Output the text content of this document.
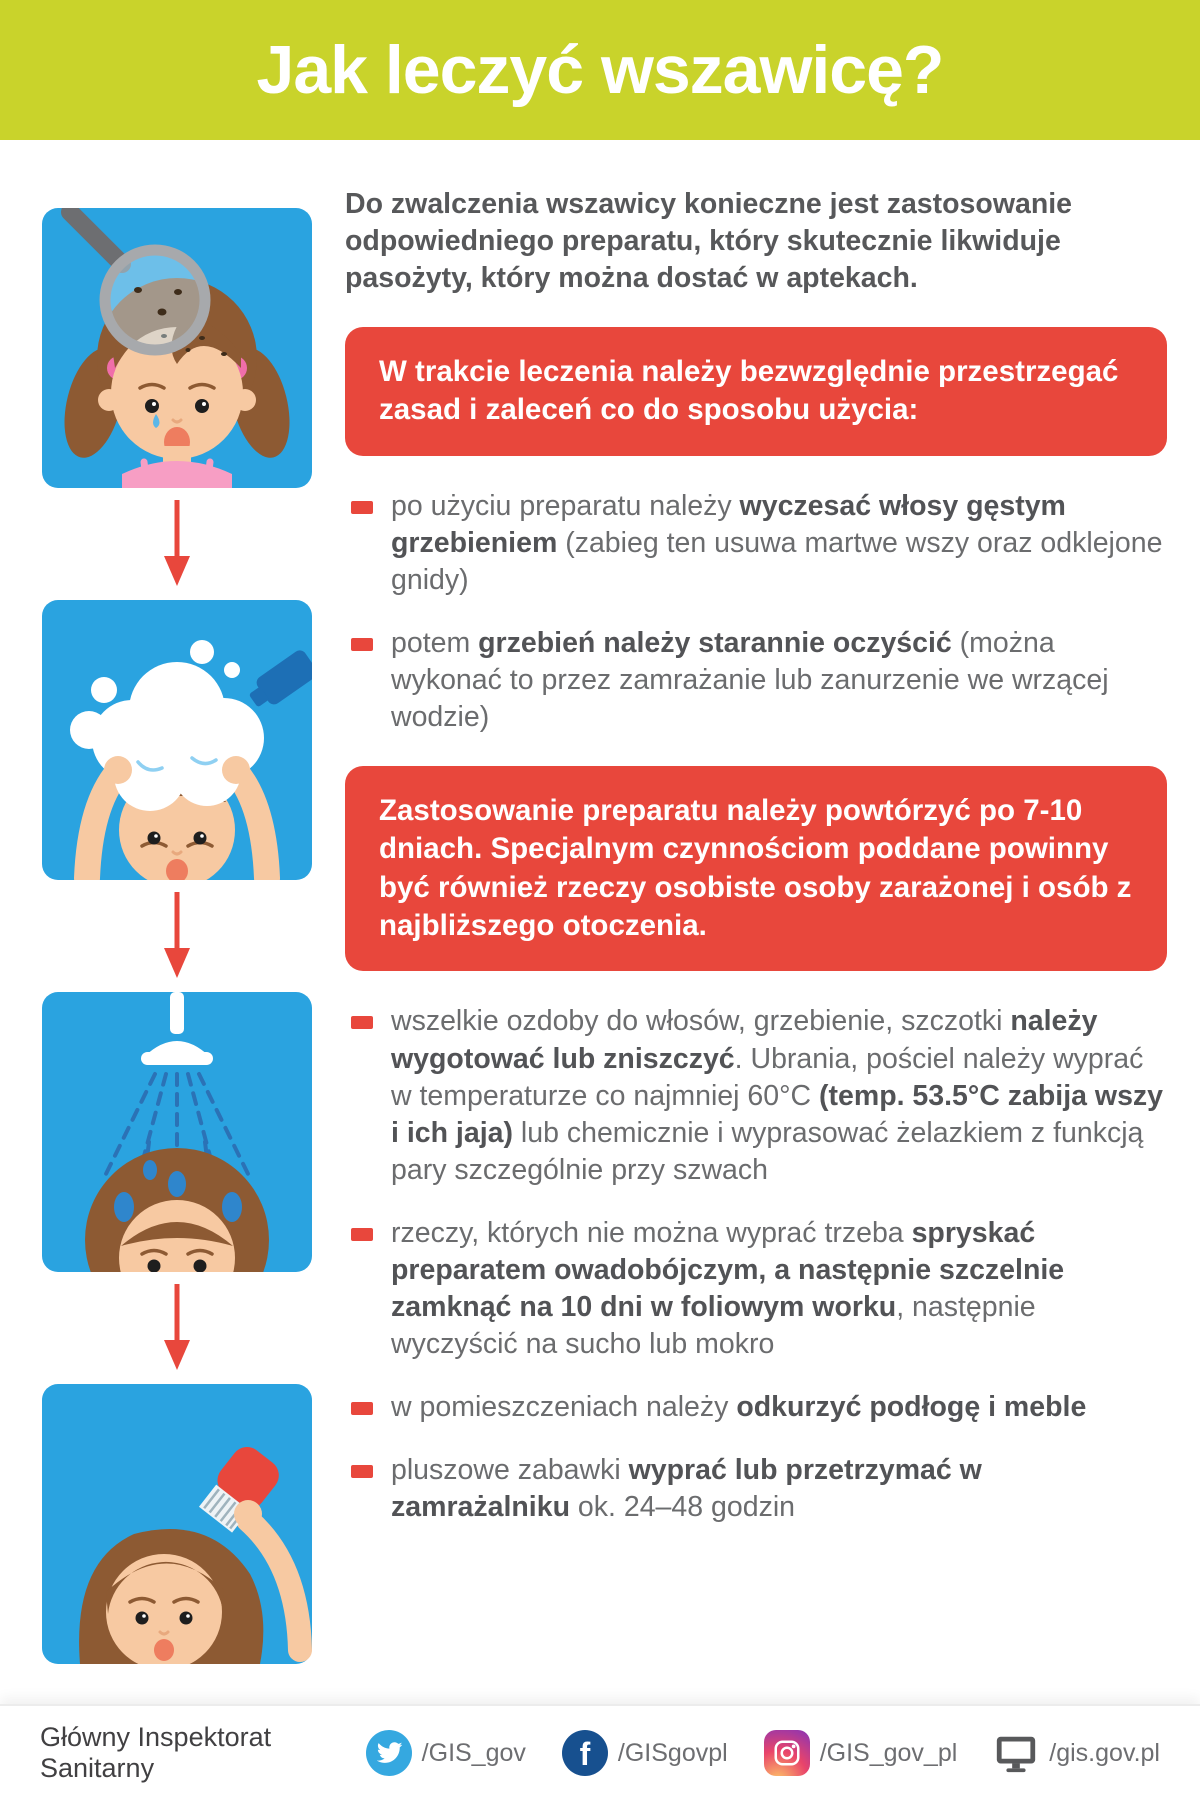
Jak leczyć wszawicę?

Do zwalczenia wszawicy konieczne jest zastosowanie odpowiedniego preparatu, który skutecznie likwiduje pasożyty, który można dostać w aptekach.

W trakcie leczenia należy bezwzględnie przestrzegać zasad i zaleceń co do sposobu użycia:
po użyciu preparatu należy wyczesać włosy gęstym grzebieniem (zabieg ten usuwa martwe wszy oraz odklejone gnidy)
potem grzebień należy starannie oczyścić (można wykonać to przez zamrażanie lub zanurzenie we wrzącej wodzie)
Zastosowanie preparatu należy powtórzyć po 7-10 dniach. Specjalnym czynnościom poddane powinny być również rzeczy osobiste osoby zarażonej i osób z najbliższego otoczenia.
wszelkie ozdoby do włosów, grzebienie, szczotki należy wygotować lub zniszczyć. Ubrania, pościel należy wyprać w temperaturze co najmniej 60°C (temp. 53.5°C zabija wszy i ich jaja) lub chemicznie i wyprasować żelazkiem z funkcją pary szczególnie przy szwach
rzeczy, których nie można wyprać trzeba spryskać preparatem owadobójczym, a następnie szczelnie zamknąć na 10 dni w foliowym worku, następnie wyczyścić na sucho lub mokro
w pomieszczeniach należy odkurzyć podłogę i meble
pluszowe zabawki wyprać lub przetrzymać w zamrażalniku ok. 24–48 godzin
Główny Inspektorat Sanitarny
/GIS_gov f /GISgovpl	/GIS_gov_pl	/gis.gov.pl
